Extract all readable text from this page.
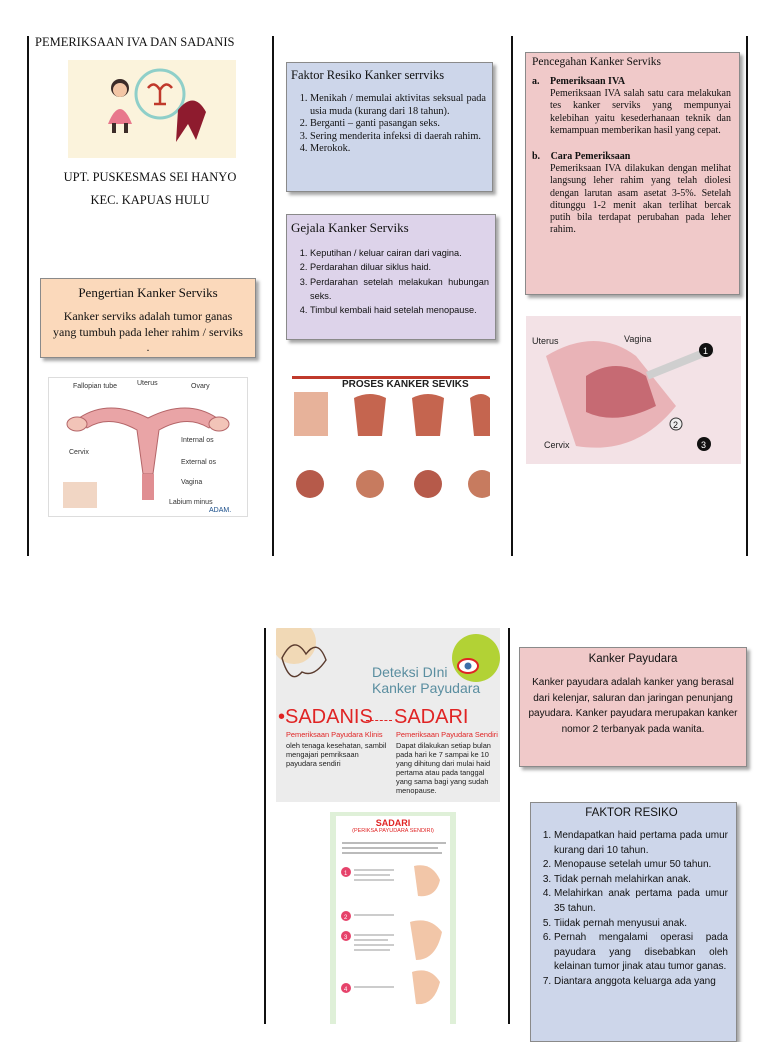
PEMERIKSAAN IVA DAN SADANIS
UPT. PUSKESMAS SEI HANYO
KEC. KAPUAS HULU
Pengertian Kanker Serviks
Kanker serviks adalah tumor ganas yang tumbuh pada leher rahim / serviks .
Fallopian tube	Uterus	Ovary
Internal os
Cervix
External os
Vagina
Labium minus
ADAM.
Faktor Resiko Kanker serrviks
1. Menikah / memulai aktivitas seksual pada usia muda (kurang dari 18 tahun).
2. Berganti – ganti pasangan seks.
3. Sering menderita infeksi di daerah rahim.
4. Merokok.
Gejala Kanker Serviks
1. Keputihan / keluar cairan dari vagina.
2. Perdarahan diluar siklus haid.
3. Perdarahan setelah melakukan hubungan seks.
4. Timbul kembali haid setelah menopause.
PROSES KANKER SEVIKS
Pencegahan Kanker Serviks
a. Pemeriksaan IVA
Pemeriksaan IVA salah satu cara melakukan tes kanker serviks yang mempunyai kelebihan yaitu kesederhanaan teknik dan kemampuan memberikan hasil yang cepat.
b. Cara Pemeriksaan
Pemeriksaan IVA dilakukan dengan melihat langsung leher rahim yang telah diolesi dengan larutan asam asetat 3-5%. Setelah ditunggu 1-2 menit akan terlihat bercak putih bila terdapat perubahan pada leher rahim.
1
2
3
Uterus	Vagina
Cervix
Deteksi DIni
Kanker Payudara
•SADANIS SADARI
Pemeriksaan Payudara Klinis Pemeriksaan Payudara Sendiri
oleh tenaga kesehatan, sambil mengajari pemriksaan payudara sendiri
Dapat dilakukan setiap bulan pada hari ke 7 sampai ke 10 yang dihitung dari mulai haid pertama atau pada tanggal yang sama bagi yang sudah menopause.
SADARI
(PERIKSA PAYUDARA SENDIRI)
1
2
3
4
Kanker Payudara
Kanker payudara adalah kanker yang berasal dari kelenjar, saluran dan jaringan penunjang payudara. Kanker payudara merupakan kanker nomor 2 terbanyak pada wanita.
FAKTOR RESIKO
1. Mendapatkan haid pertama pada umur kurang dari 10 tahun.
2. Menopause setelah umur 50 tahun.
3. Tidak pernah melahirkan anak.
4. Melahirkan anak pertama pada umur 35 tahun.
5. Tiidak pernah menyusui anak.
6. Pernah mengalami operasi pada payudara yang disebabkan oleh kelainan tumor jinak atau tumor ganas.
7. Diantara anggota keluarga ada yang
